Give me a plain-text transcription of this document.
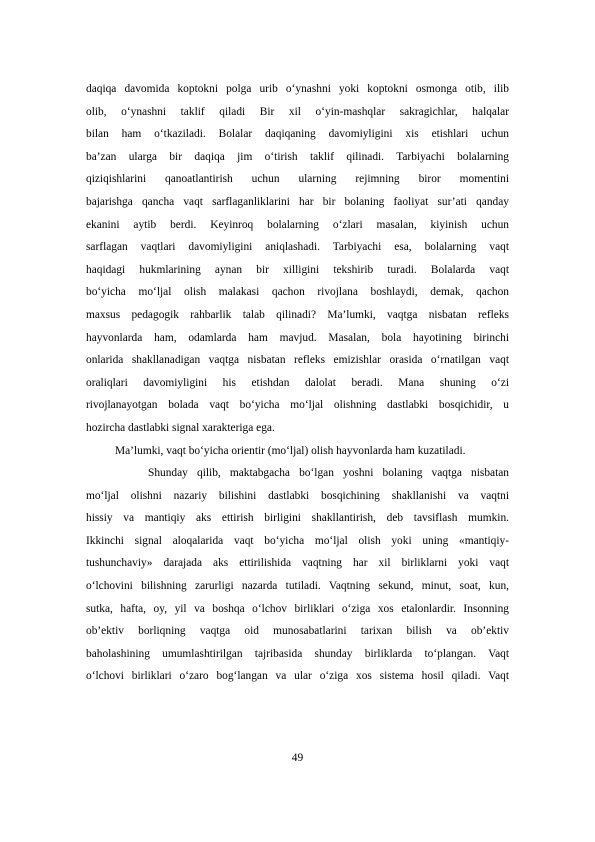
daqiqa davomida koptokni polga urib o‘ynashni yoki koptokni osmonga otib, ilib
olib, o‘ynashni taklif qiladi Bir xil o‘yin-mashqlar sakragichlar, halqalar
bilan ham o‘tkaziladi. Bolalar daqiqaning davomiyligini xis etishlari uchun
ba’zan ularga bir daqiqa jim o‘tirish taklif qilinadi. Tarbiyachi bolalarning
qiziqishlarini qanoatlantirish uchun ularning rejimning biror momentini
bajarishga qancha vaqt sarflaganliklarini har bir bolaning faoliyat sur’ati qanday
ekanini aytib berdi. Keyinroq bolalarning o‘zlari masalan, kiyinish uchun
sarflagan vaqtlari davomiyligini aniqlashadi. Tarbiyachi esa, bolalarning vaqt
haqidagi hukmlarining aynan bir xilligini tekshirib turadi. Bolalarda vaqt
bo‘yicha mo‘ljal olish malakasi qachon rivojlana boshlaydi, demak, qachon
maxsus pedagogik rahbarlik talab qilinadi? Ma’lumki, vaqtga nisbatan refleks
hayvonlarda ham, odamlarda ham mavjud. Masalan, bola hayotining birinchi
onlarida shakllanadigan vaqtga nisbatan refleks emizishlar orasida o‘rnatilgan vaqt
oraliqlari davomiyligini his etishdan dalolat beradi. Mana shuning o‘zi
rivojlanayotgan bolada vaqt bo‘yicha mo‘ljal olishning dastlabki bosqichidir, u
hozircha dastlabki signal xarakteriga ega.
Ma’lumki, vaqt bo‘yicha orientir (mo‘ljal) olish hayvonlarda ham kuzatiladi.
Shunday qilib, maktabgacha bo‘lgan yoshni bolaning vaqtga nisbatan
mo‘ljal olishni nazariy bilishini dastlabki bosqichining shakllanishi va vaqtni
hissiy va mantiqiy aks ettirish birligini shakllantirish, deb tavsiflash mumkin.
Ikkinchi signal aloqalarida vaqt bo‘yicha mo‘ljal olish yoki uning «mantiqiy-
tushunchaviy» darajada aks ettirilishida vaqtning har xil birliklarni yoki vaqt
o‘lchovini bilishning zarurligi nazarda tutiladi. Vaqtning sekund, minut, soat, kun,
sutka, hafta, oy, yil va boshqa o‘lchov birliklari o‘ziga xos etalonlardir. Insonning
ob’ektiv borliqning vaqtga oid munosabatlarini tarixan bilish va ob’ektiv
baholashining umumlashtirilgan tajribasida shunday birliklarda to‘plangan. Vaqt
o‘lchovi birliklari o‘zaro bog‘langan va ular o‘ziga xos sistema hosil qiladi. Vaqt
49
